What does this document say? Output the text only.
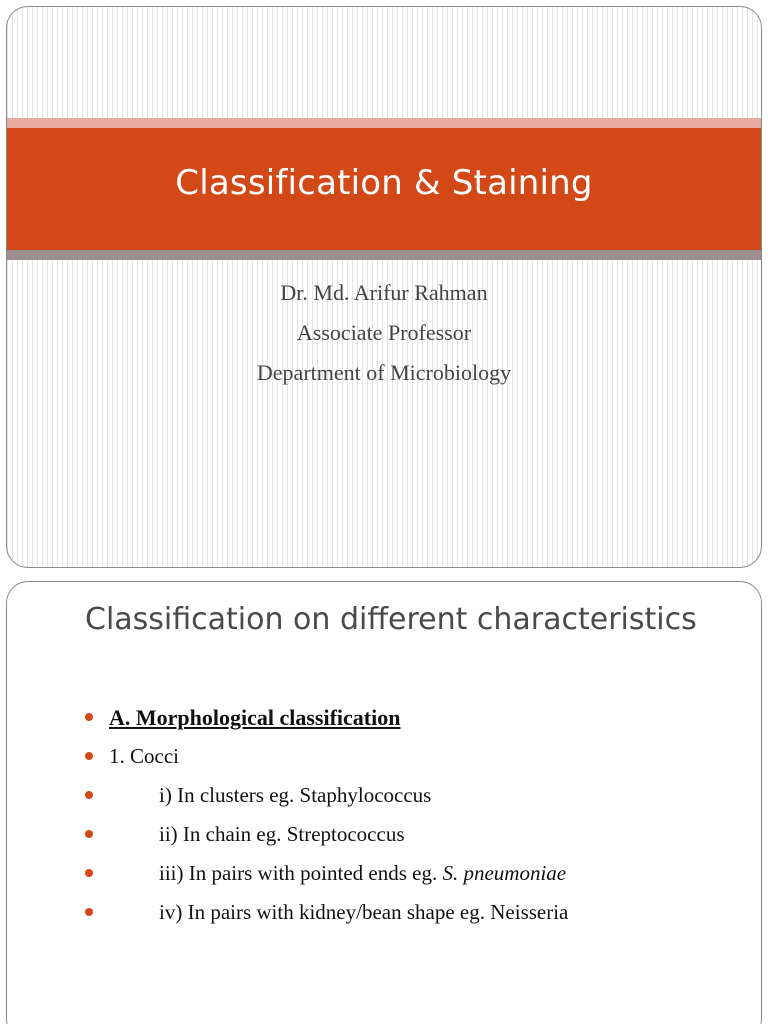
Classification & Staining
Dr. Md. Arifur Rahman
Associate Professor
Department of Microbiology
Classification on different characteristics
A. Morphological classification
1. Cocci
i) In clusters eg. Staphylococcus
ii) In chain eg. Streptococcus
iii) In pairs with pointed ends eg. S. pneumoniae
iv) In pairs with kidney/bean shape eg. Neisseria
